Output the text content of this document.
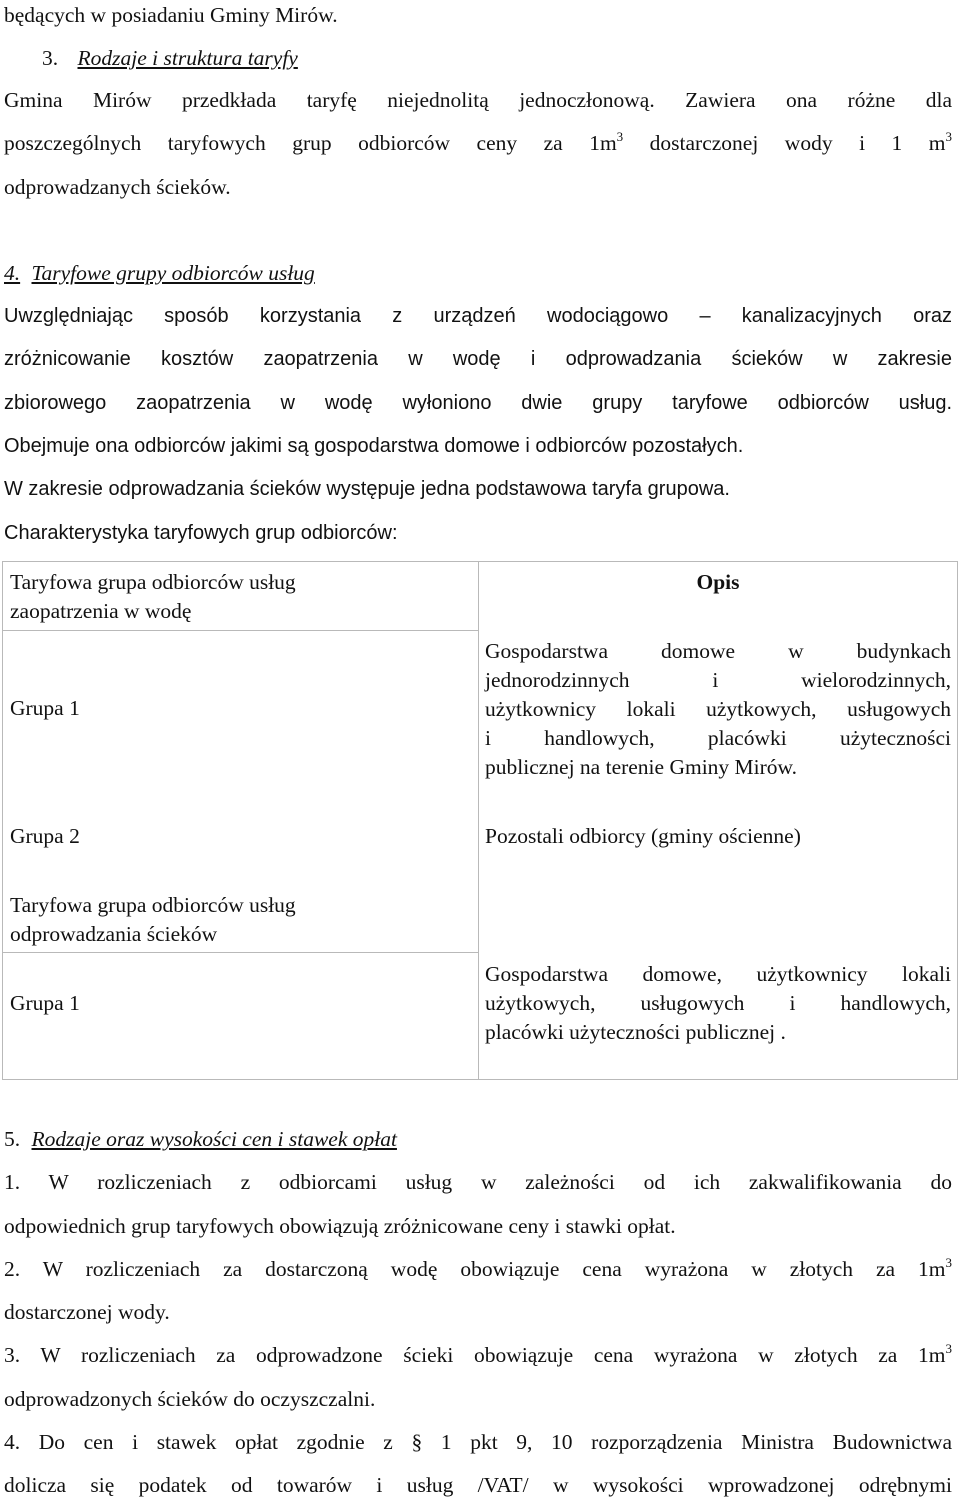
będących w posiadaniu Gminy Mirów.
3. Rodzaje i struktura taryfy
Gmina Mirów przedkłada taryfę niejednolitą jednoczłonową. Zawiera ona różne dla
poszczególnych taryfowych grup odbiorców ceny za $1m^3$ dostarczonej wody i 1 $m^3$
odprowadzanych ścieków.
4. Taryfowe grupy odbiorców usług
Uwzględniając sposób korzystania z urządzeń wodociągowo – kanalizacyjnych oraz
zróżnicowanie kosztów zaopatrzenia w wodę i odprowadzania ścieków w zakresie
zbiorowego zaopatrzenia w wodę wyłoniono dwie grupy taryfowe odbiorców usług.
Obejmuje ona odbiorców jakimi są gospodarstwa domowe i odbiorców pozostałych.
W zakresie odprowadzania ścieków występuje jedna podstawowa taryfa grupowa.
Charakterystyka taryfowych grup odbiorców:
Taryfowa grupa odbiorców usług
zaopatrzenia w wodę
Opis
Grupa 1
Gospodarstwa domowe w budynkach
jednorodzinnych i wielorodzinnych,
użytkownicy lokali użytkowych, usługowych
i handlowych, placówki użyteczności
publicznej na terenie Gminy Mirów.
Grupa 2	Pozostali odbiorcy (gminy ościenne)
Taryfowa grupa odbiorców usług
odprowadzania ścieków
Grupa 1
Gospodarstwa domowe, użytkownicy lokali
użytkowych, usługowych i handlowych,
placówki użyteczności publicznej .
5. Rodzaje oraz wysokości cen i stawek opłat
1. W rozliczeniach z odbiorcami usług w zależności od ich zakwalifikowania do
odpowiednich grup taryfowych obowiązują zróżnicowane ceny i stawki opłat.
2. W rozliczeniach za dostarczoną wodę obowiązuje cena wyrażona w złotych za $1m^3$
dostarczonej wody.
3. W rozliczeniach za odprowadzone ścieki obowiązuje cena wyrażona w złotych za $1m^3$
odprowadzonych ścieków do oczyszczalni.
4. Do cen i stawek opłat zgodnie z § 1 pkt 9, 10 rozporządzenia Ministra Budownictwa
dolicza się podatek od towarów i usług /VAT/ w wysokości wprowadzonej odrębnymi
